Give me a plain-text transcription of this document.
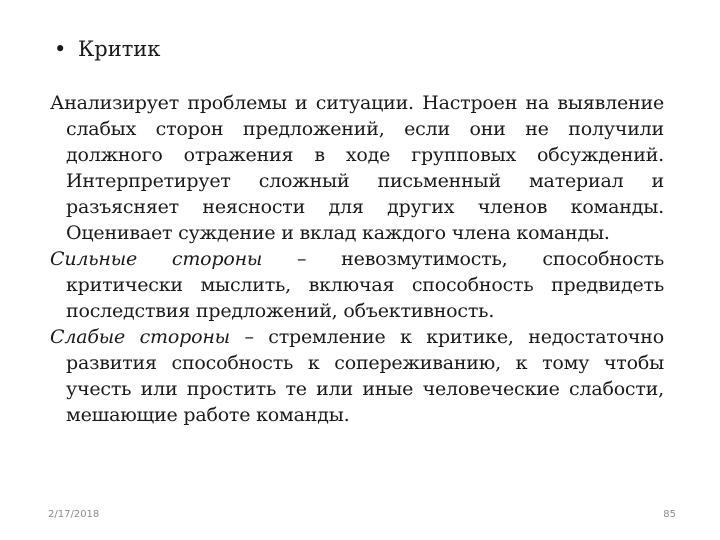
• Критик

Анализирует проблемы и ситуации. Настроен на выявление слабых сторон предложений, если они не получили должного отражения в ходе групповых обсуждений. Интерпретирует сложный письменный материал и разъясняет неясности для других членов команды. Оценивает суждение и вклад каждого члена команды.

Сильные стороны – невозмутимость, способность критически мыслить, включая способность предвидеть последствия предложений, объективность.

Слабые стороны – стремление к критике, недостаточно развития способность к сопереживанию, к тому чтобы учесть или простить те или иные человеческие слабости, мешающие работе команды.

2/17/2018	85
